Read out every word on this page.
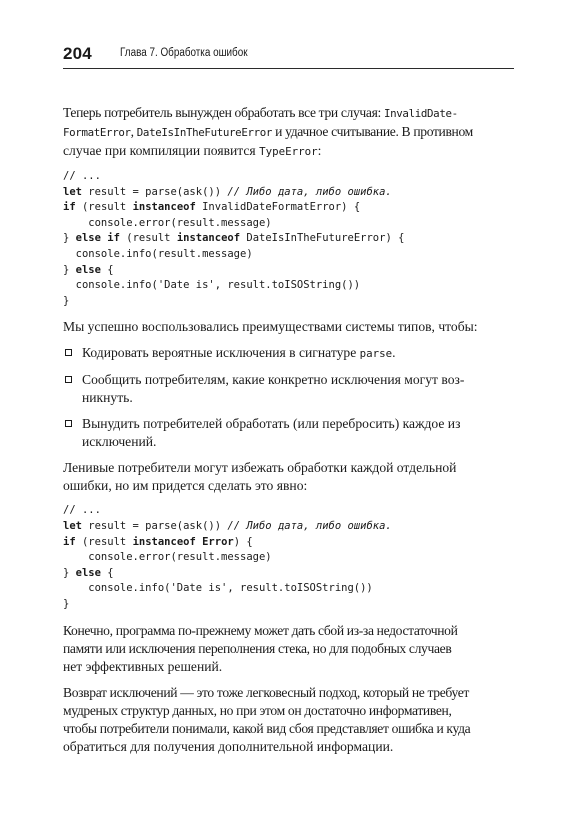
204 Глава 7. Обработка ошибок

Теперь потребитель вынужден обработать все три случая: InvalidDate-
FormatError, DateIsInTheFutureError и удачное считывание. В противном
случае при компиляции появится TypeError:

// ...
let result = parse(ask()) // Либо дата, либо ошибка.
if (result instanceof InvalidDateFormatError) {
console.error(result.message)
} else if (result instanceof DateIsInTheFutureError) {
console.info(result.message)
} else {
console.info('Date is', result.toISOString())
}

Мы успешно воспользовались преимуществами системы типов, чтобы:

Кодировать вероятные исключения в сигнатуре parse.
Сообщить потребителям, какие конкретно исключения могут воз-
никнуть.
Вынудить потребителей обработать (или перебросить) каждое из
исключений.

Ленивые потребители могут избежать обработки каждой отдельной
ошибки, но им придется сделать это явно:

// ...
let result = parse(ask()) // Либо дата, либо ошибка.
if (result instanceof Error) {
console.error(result.message)
} else {
console.info('Date is', result.toISOString())
}

Конечно, программа по-прежнему может дать сбой из-за недостаточной
памяти или исключения переполнения стека, но для подобных случаев
нет эффективных решений.

Возврат исключений — это тоже легковесный подход, который не требует
мудреных структур данных, но при этом он достаточно информативен,
чтобы потребители понимали, какой вид сбоя представляет ошибка и куда
обратиться для получения дополнительной информации.
